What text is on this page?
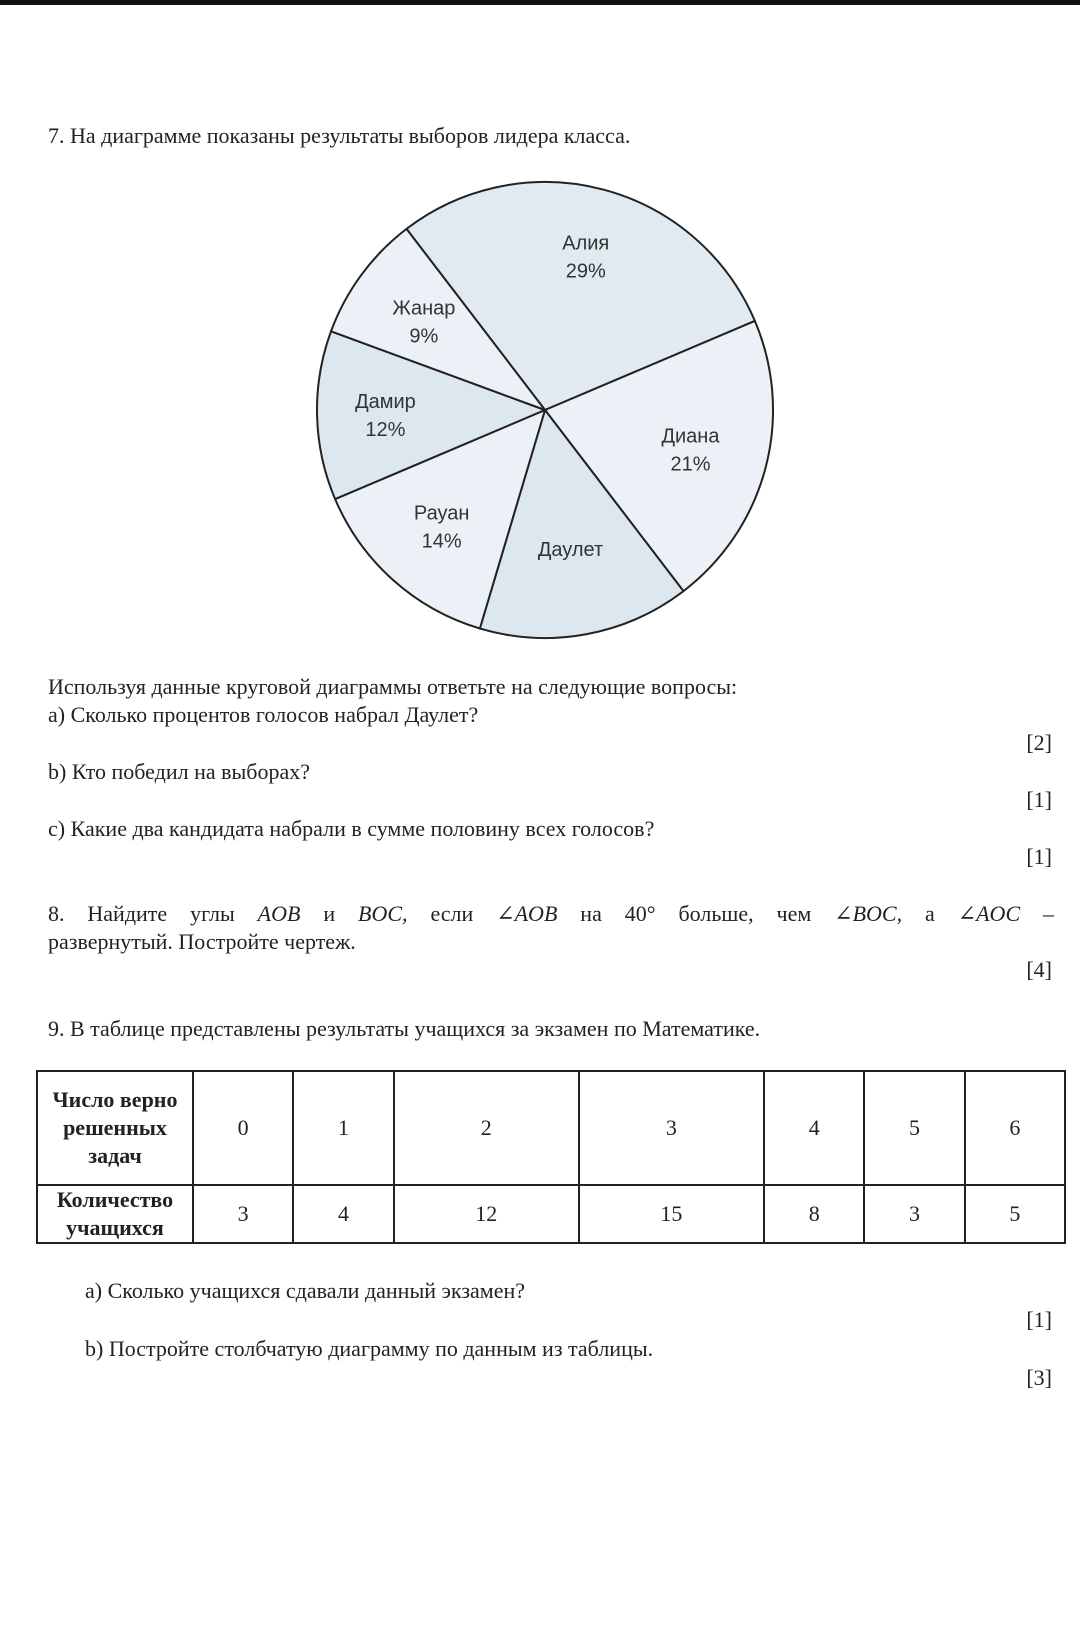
7. На диаграмме показаны результаты выборов лидера класса.
Алия
29%
Диана
21%
Даулет
Рауан
14%
Дамир
12%
Жанар
9%
Используя данные круговой диаграммы ответьте на следующие вопросы:
a) Сколько процентов голосов набрал Даулет?
[2]
b) Кто победил на выборах?
[1]
c) Какие два кандидата набрали в сумме половину всех голосов?
[1]
8. Найдите углы AOB и BOC, если ∠AOB на 40° больше, чем ∠BOC, а ∠AOC –
развернутый. Постройте чертеж.
[4]
9. В таблице представлены результаты учащихся за экзамен по Математике.
Число верно решенных задач	0	1	2	3	4	5	6
Количество учащихся	3	4	12	15	8	3	5
а) Сколько учащихся сдавали данный экзамен?
[1]
b) Постройте столбчатую диаграмму по данным из таблицы.
[3]
